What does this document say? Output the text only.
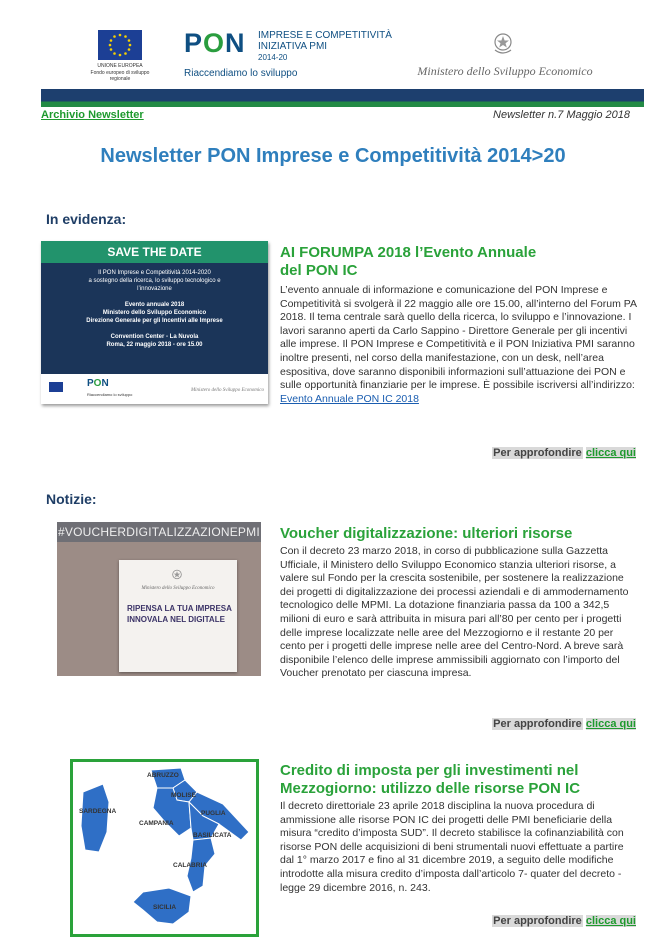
UNIONE EUROPEA
Fondo europeo di sviluppo regionale
PON IMPRESE E COMPETITIVITÀ
INIZIATIVA PMI
2014-20
Riaccendiamo lo sviluppo	Ministero dello Sviluppo Economico
Archivio Newsletter	Newsletter n.7 Maggio 2018
Newsletter PON Imprese e Competitività 2014>20
In evidenza:
SAVE THE DATE
Il PON Imprese e Competitività 2014-2020
a sostegno della ricerca, lo sviluppo tecnologico e
l’innovazione
Evento annuale 2018
Ministero dello Sviluppo Economico
Direzione Generale per gli Incentivi alle Imprese
Convention Center - La Nuvola
Roma, 22 maggio 2018 - ore 15.00
PON
Riaccendiamo lo sviluppo
Ministero dello Sviluppo Economico
AI FORUMPA 2018 l’Evento Annuale
del PON IC
L’evento annuale di informazione e comunicazione del PON Imprese e Competitività si svolgerà il 22 maggio alle ore 15.00, all’interno del Forum PA 2018. Il tema centrale sarà quello della ricerca, lo sviluppo e l’innovazione. I lavori saranno aperti da Carlo Sappino - Direttore Generale per gli incentivi alle imprese. Il PON Imprese e Competitività e il PON Iniziativa PMI saranno inoltre presenti, nel corso della manifestazione, con un desk, nell’area espositiva, dove saranno disponibili informazioni sull’attuazione dei PON e sulle opportunità finanziarie per le imprese. È possibile iscriversi all’indirizzo: Evento Annuale PON IC 2018
Per approfondire clicca qui
Notizie:
#VOUCHERDIGITALIZZAZIONEPMI
Ministero dello Sviluppo Economico
RIPENSA LA TUA IMPRESA
INNOVALA NEL DIGITALE
Voucher digitalizzazione: ulteriori risorse
Con il decreto 23 marzo 2018, in corso di pubblicazione sulla Gazzetta Ufficiale, il Ministero dello Sviluppo Economico stanzia ulteriori risorse, a valere sul Fondo per la crescita sostenibile, per sostenere la realizzazione dei progetti di digitalizzazione dei processi aziendali e di ammodernamento tecnologico delle MPMI. La dotazione finanziaria passa da 100 a 342,5 milioni di euro e sarà attribuita in misura pari all’80 per cento per i progetti delle imprese localizzate nelle aree del Mezzogiorno e il restante 20 per cento per i progetti delle imprese nelle aree del Centro-Nord. A breve sarà disponibile l’elenco delle imprese ammissibili aggiornato con l’importo del Voucher prenotato per ciascuna impresa.
Per approfondire clicca qui
ABRUZZO
MOLISE
SARDEGNA	PUGLIA
CAMPANIA
BASILICATA
CALABRIA
SICILIA
Credito di imposta per gli investimenti nel
Mezzogiorno: utilizzo delle risorse PON IC
Il decreto direttoriale 23 aprile 2018 disciplina la nuova procedura di ammissione alle risorse PON IC dei progetti delle PMI beneficiarie della misura “credito d’imposta SUD”. Il decreto stabilisce la cofinanziabilità con risorse PON delle acquisizioni di beni strumentali nuovi effettuate a partire dal 1° marzo 2017 e fino al 31 dicembre 2019, a seguito delle modifiche introdotte alla misura credito d’imposta dall’articolo 7- quater del decreto - legge 29 dicembre 2016, n. 243.
Per approfondire clicca qui
